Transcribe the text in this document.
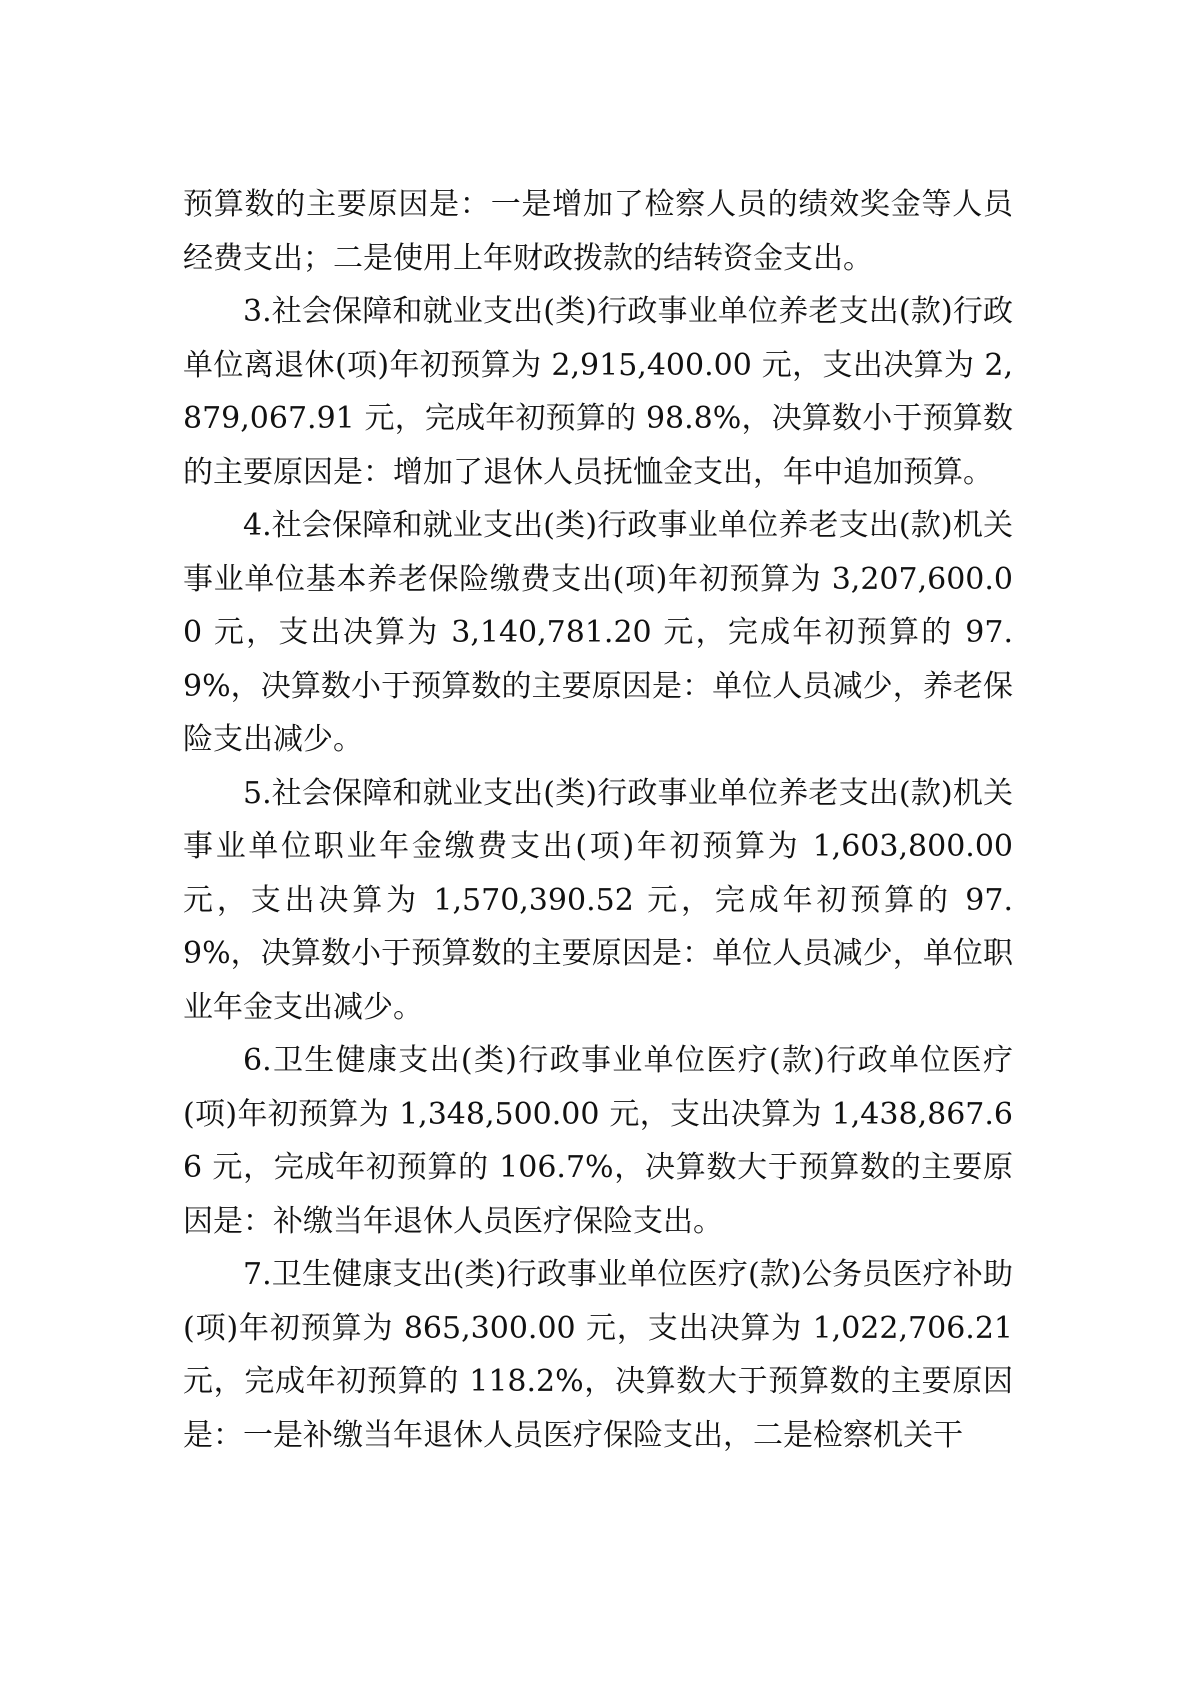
预算数的主要原因是：一是增加了检察人员的绩效奖金等人员经费支出；二是使用上年财政拨款的结转资金支出。

3.社会保障和就业支出(类)行政事业单位养老支出(款)行政单位离退休(项)年初预算为 2,915,400.00 元，支出决算为 2,879,067.91 元，完成年初预算的 98.8%，决算数小于预算数的主要原因是：增加了退休人员抚恤金支出，年中追加预算。

4.社会保障和就业支出(类)行政事业单位养老支出(款)机关事业单位基本养老保险缴费支出(项)年初预算为 3,207,600.00 元，支出决算为 3,140,781.20 元，完成年初预算的 97.9%，决算数小于预算数的主要原因是：单位人员减少，养老保险支出减少。

5.社会保障和就业支出(类)行政事业单位养老支出(款)机关事业单位职业年金缴费支出(项)年初预算为 1,603,800.00 元，支出决算为 1,570,390.52 元，完成年初预算的 97.9%，决算数小于预算数的主要原因是：单位人员减少，单位职业年金支出减少。

6.卫生健康支出(类)行政事业单位医疗(款)行政单位医疗(项)年初预算为 1,348,500.00 元，支出决算为 1,438,867.66 元，完成年初预算的 106.7%，决算数大于预算数的主要原因是：补缴当年退休人员医疗保险支出。

7.卫生健康支出(类)行政事业单位医疗(款)公务员医疗补助(项)年初预算为 865,300.00 元，支出决算为 1,022,706.21 元，完成年初预算的 118.2%，决算数大于预算数的主要原因是：一是补缴当年退休人员医疗保险支出，二是检察机关干
